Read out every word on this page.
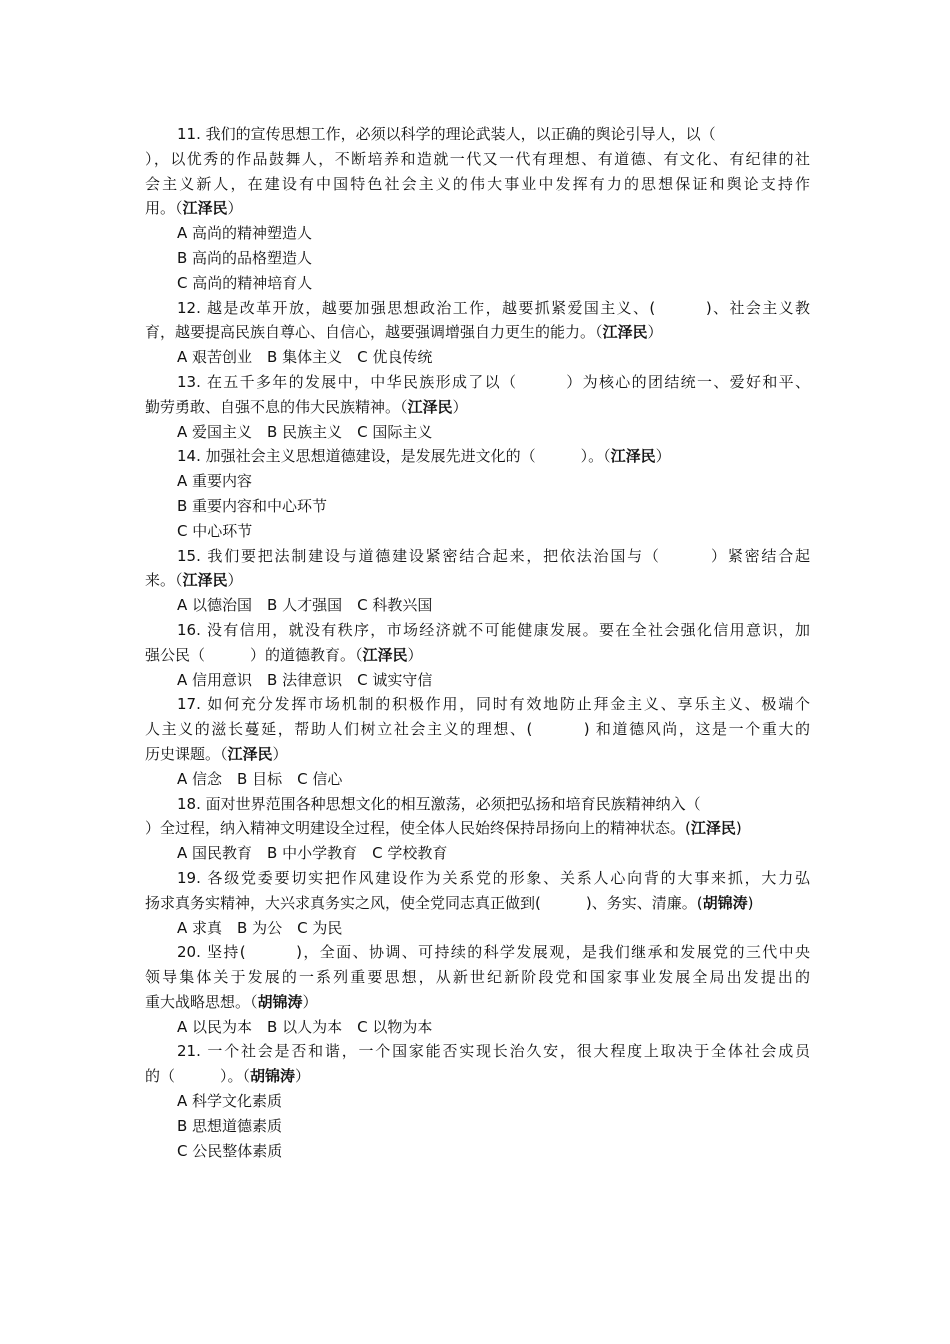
11. 我们的宣传思想工作，必须以科学的理论武装人，以正确的舆论引导人，以（
），以优秀的作品鼓舞人，不断培养和造就一代又一代有理想、有道德、有文化、有纪律的社
会主义新人，在建设有中国特色社会主义的伟大事业中发挥有力的思想保证和舆论支持作
用。（江泽民）
A 高尚的精神塑造人
B 高尚的品格塑造人
C 高尚的精神培育人
12. 越是改革开放，越要加强思想政治工作，越要抓紧爱国主义、(　　　)、社会主义教
育，越要提高民族自尊心、自信心，越要强调增强自力更生的能力。（江泽民）
A 艰苦创业　B 集体主义　C 优良传统
13. 在五千多年的发展中，中华民族形成了以（　　　）为核心的团结统一、爱好和平、
勤劳勇敢、自强不息的伟大民族精神。（江泽民）
A 爱国主义　B 民族主义　C 国际主义
14. 加强社会主义思想道德建设，是发展先进文化的（　　　）。（江泽民）
A 重要内容
B 重要内容和中心环节
C 中心环节
15. 我们要把法制建设与道德建设紧密结合起来，把依法治国与（　　　）紧密结合起
来。（江泽民）
A 以德治国　B 人才强国　C 科教兴国
16. 没有信用，就没有秩序，市场经济就不可能健康发展。要在全社会强化信用意识，加
强公民（　　　）的道德教育。（江泽民）
A 信用意识　B 法律意识　C 诚实守信
17. 如何充分发挥市场机制的积极作用，同时有效地防止拜金主义、享乐主义、极端个
人主义的滋长蔓延，帮助人们树立社会主义的理想、(　　　) 和道德风尚，这是一个重大的
历史课题。（江泽民）
A 信念　B 目标　C 信心
18. 面对世界范围各种思想文化的相互激荡，必须把弘扬和培育民族精神纳入（
）全过程，纳入精神文明建设全过程，使全体人民始终保持昂扬向上的精神状态。(江泽民)
A 国民教育　B 中小学教育　C 学校教育
19. 各级党委要切实把作风建设作为关系党的形象、关系人心向背的大事来抓，大力弘
扬求真务实精神，大兴求真务实之风，使全党同志真正做到(　　　)、务实、清廉。(胡锦涛)
A 求真　B 为公　C 为民
20. 坚持(　　　)，全面、协调、可持续的科学发展观，是我们继承和发展党的三代中央
领导集体关于发展的一系列重要思想，从新世纪新阶段党和国家事业发展全局出发提出的
重大战略思想。（胡锦涛）
A 以民为本　B 以人为本　C 以物为本
21. 一个社会是否和谐，一个国家能否实现长治久安，很大程度上取决于全体社会成员
的（　　　）。（胡锦涛）
A 科学文化素质
B 思想道德素质
C 公民整体素质
